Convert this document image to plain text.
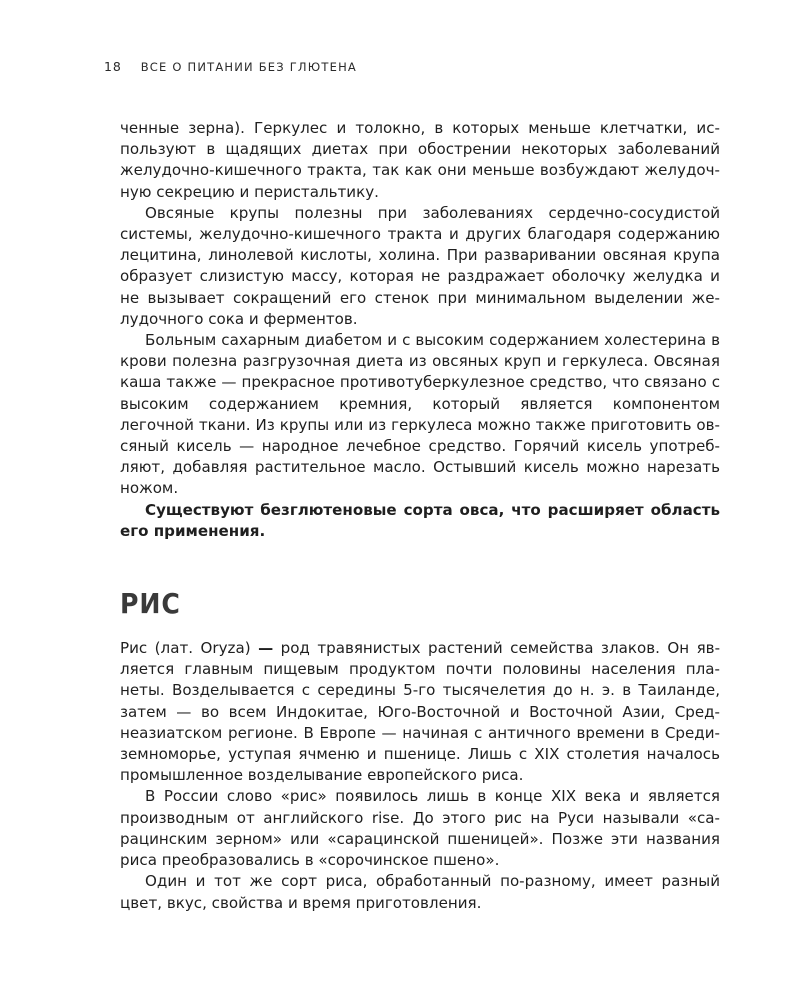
18 ВСЕ О ПИТАНИИ БЕЗ ГЛЮТЕНА

ченные зерна). Геркулес и толокно, в которых меньше клетчатки, используют в щадящих диетах при обострении некоторых заболеваний желудочно-кишечного тракта, так как они меньше возбуждают желудочную секрецию и перистальтику.

Овсяные крупы полезны при заболеваниях сердечно-сосудистой системы, желудочно-кишечного тракта и других благодаря содержанию лецитина, линолевой кислоты, холина. При разваривании овсяная крупа образует слизистую массу, которая не раздражает оболочку желудка и не вызывает сокращений его стенок при минимальном выделении желудочного сока и ферментов.

Больным сахарным диабетом и с высоким содержанием холестерина в крови полезна разгрузочная диета из овсяных круп и геркулеса. Овсяная каша также — прекрасное противотуберкулезное средство, что связано с высоким содержанием кремния, который является компонентом легочной ткани. Из крупы или из геркулеса можно также приготовить овсяный кисель — народное лечебное средство. Горячий кисель употребляют, добавляя растительное масло. Остывший кисель можно нарезать ножом.

Существуют безглютеновые сорта овса, что расширяет область его применения.

РИС

Рис (лат. Oryza) — род травянистых растений семейства злаков. Он является главным пищевым продуктом почти половины населения планеты. Возделывается с середины 5-го тысячелетия до н. э. в Таиланде, затем — во всем Индокитае, Юго-Восточной и Восточной Азии, Среднеазиатском регионе. В Европе — начиная с античного времени в Средиземноморье, уступая ячменю и пшенице. Лишь с XIX столетия началось промышленное возделывание европейского риса.

В России слово «рис» появилось лишь в конце XIX века и является производным от английского rise. До этого рис на Руси называли «сарацинским зерном» или «сарацинской пшеницей». Позже эти названия риса преобразовались в «сорочинское пшено».

Один и тот же сорт риса, обработанный по-разному, имеет разный цвет, вкус, свойства и время приготовления.
